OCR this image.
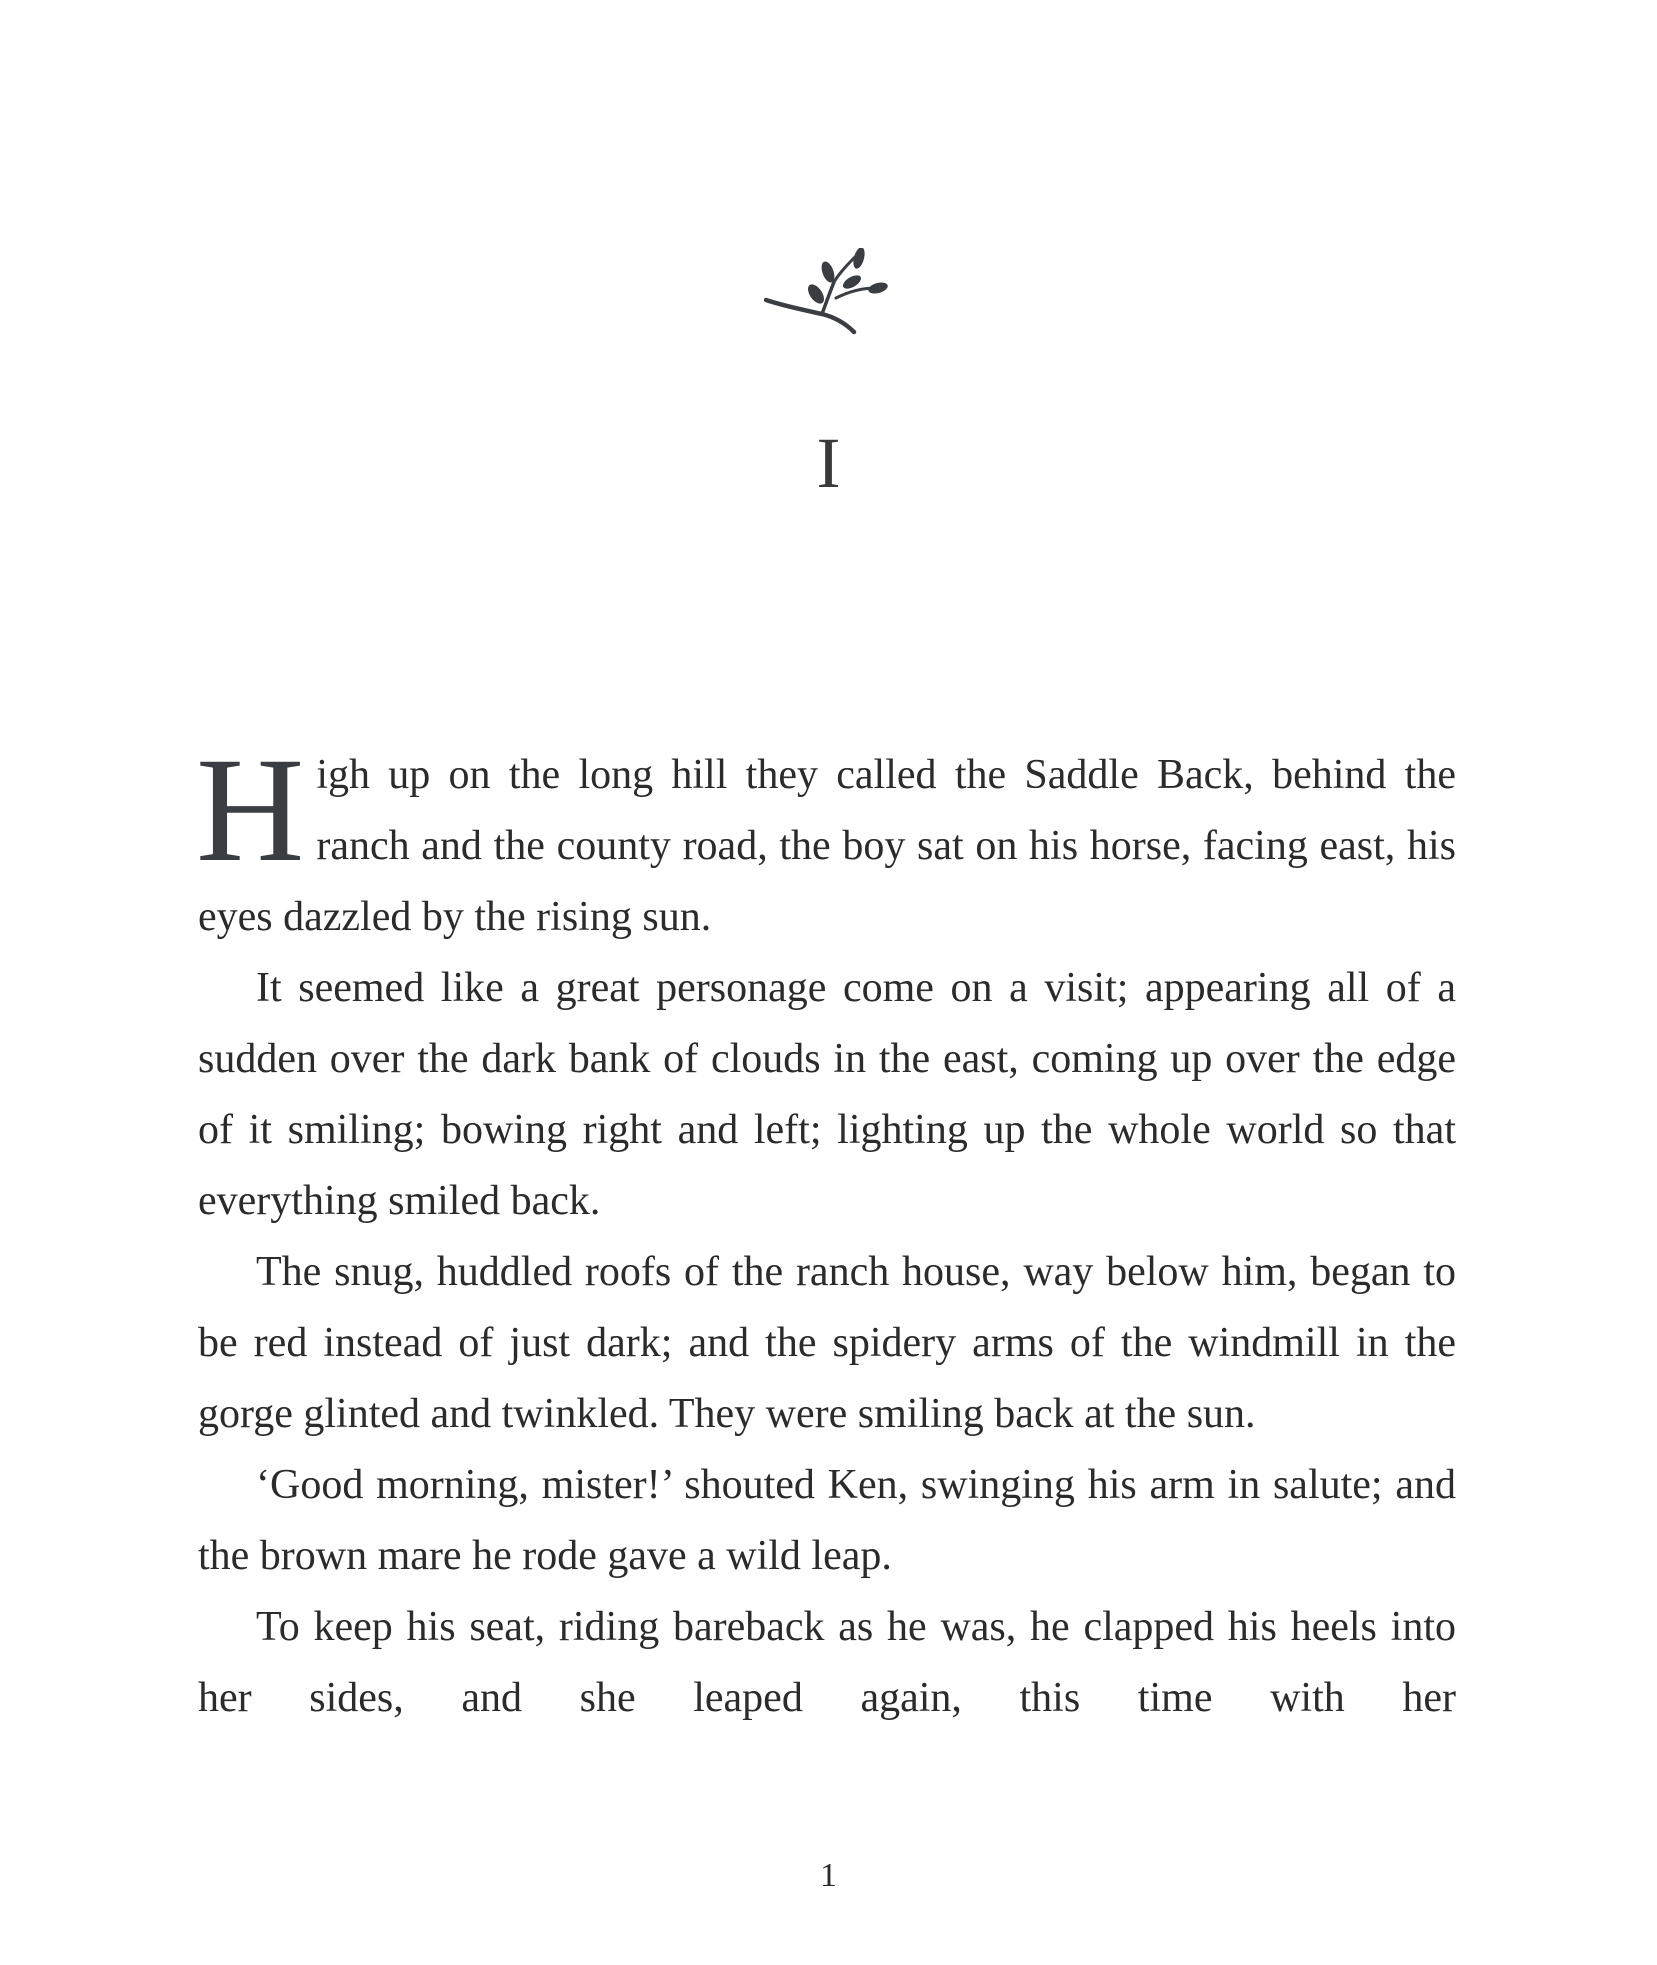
I

High up on the long hill they called the Saddle Back, behind the ranch and the county road, the boy sat on his horse, facing east, his eyes dazzled by the rising sun.

It seemed like a great personage come on a visit; appearing all of a sudden over the dark bank of clouds in the east, coming up over the edge of it smiling; bowing right and left; lighting up the whole world so that everything smiled back.

The snug, huddled roofs of the ranch house, way below him, began to be red instead of just dark; and the spidery arms of the windmill in the gorge glinted and twinkled. They were smiling back at the sun.

‘Good morning, mister!’ shouted Ken, swinging his arm in salute; and the brown mare he rode gave a wild leap.

To keep his seat, riding bareback as he was, he clapped his heels into her sides, and she leaped again, this time with her

1
